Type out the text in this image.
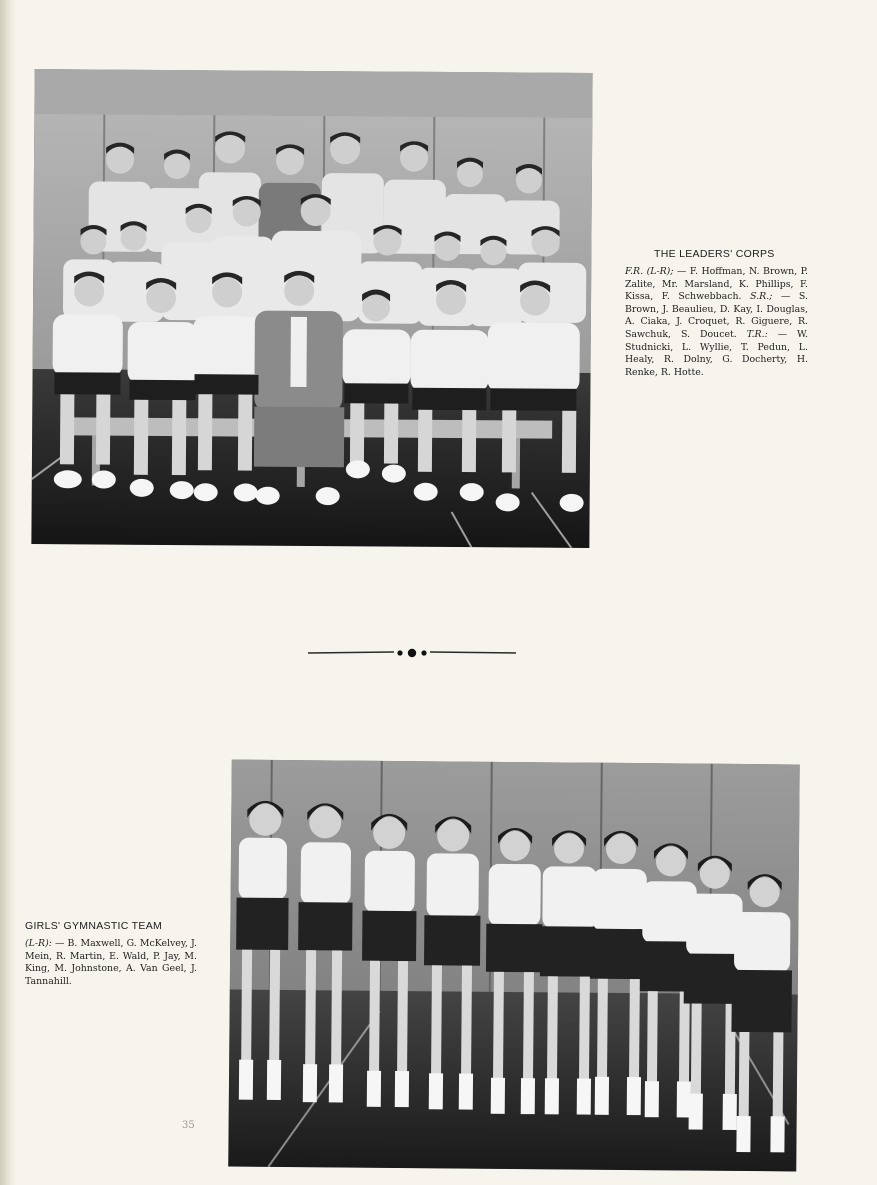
THE LEADERS' CORPS
F.R. (L-R); — F. Hoffman, N. Brown, P. Zalite, Mr. Marsland, K. Phillips, F. Kissa, F. Schwebbach. S.R.; — S. Brown, J. Beaulieu, D. Kay, I. Douglas, A. Ciaka, J. Croquet, R. Giguere, R. Sawchuk, S. Doucet. T.R.: — W. Studnicki, L. Wyllie, T. Pedun, L. Healy, R. Dolny, G. Docherty, H. Renke, R. Hotte.
GIRLS' GYMNASTIC TEAM
(L-R): — B. Maxwell, G. McKelvey, J. Mein, R. Martin, E. Wald, P. Jay, M. King, M. Johnstone, A. Van Geel, J. Tannahill.
35
